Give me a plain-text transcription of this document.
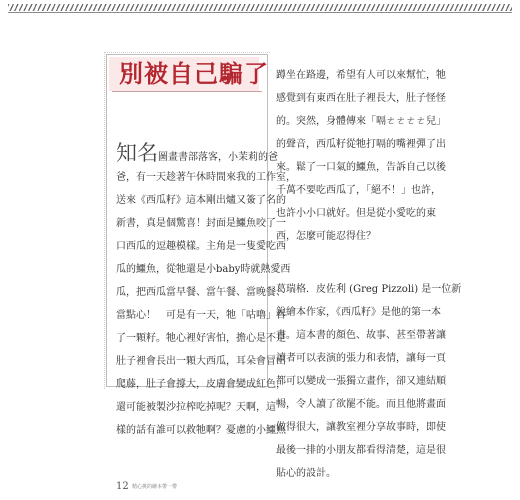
別被自己騙了
知名圖畫書部落客，小茉莉的爸
爸，有一天趁著午休時間來我的工作室，
送來《西瓜籽》這本剛出爐又簽了名的
新書，真是個驚喜！封面是鱷魚咬了一
口西瓜的逗趣模樣。主角是一隻愛吃西
瓜的鱷魚，從牠還是小baby時就熱愛西
瓜，把西瓜當早餐、當午餐、當晚餐、
當點心！　可是有一天，牠「咕嚕」吞
了一顆籽。牠心裡好害怕，擔心是不是
肚子裡會長出一顆大西瓜，耳朵會冒出
爬藤，肚子會撐大，皮膚會變成紅色，
還可能被製沙拉榨吃掉呢？天啊，這
樣的話有誰可以救牠啊？憂慮的小鱷魚
蹲坐在路邊，希望有人可以來幫忙，牠
感覺到有東西在肚子裡長大，肚子怪怪
的。突然，身體傳來「嗝ㄜㄜㄜㄜ兒」
的聲音，西瓜籽從牠打嗝的嘴裡彈了出
來。鬆了一口氣的鱷魚，告訴自己以後
千萬不要吃西瓜了，「絕不！」也許，
也許小小口就好。但是從小愛吃的東
西，怎麼可能忍得住？
葛瑞格．皮佐利 (Greg Pizzoli) 是一位新
銳繪本作家，《西瓜籽》是他的第一本
書。這本書的顏色、故事、甚至帶著讓
讀者可以表演的張力和表情，讓每一頁
都可以變成一張獨立畫作，卻又連結順
暢，令人讀了欲罷不能。而且他將畫面
做得很大，讓教室裡分享故事時，即使
最後一排的小朋友都看得清楚，這是很
貼心的設計。
12 精心挑的繪本帶一帶
